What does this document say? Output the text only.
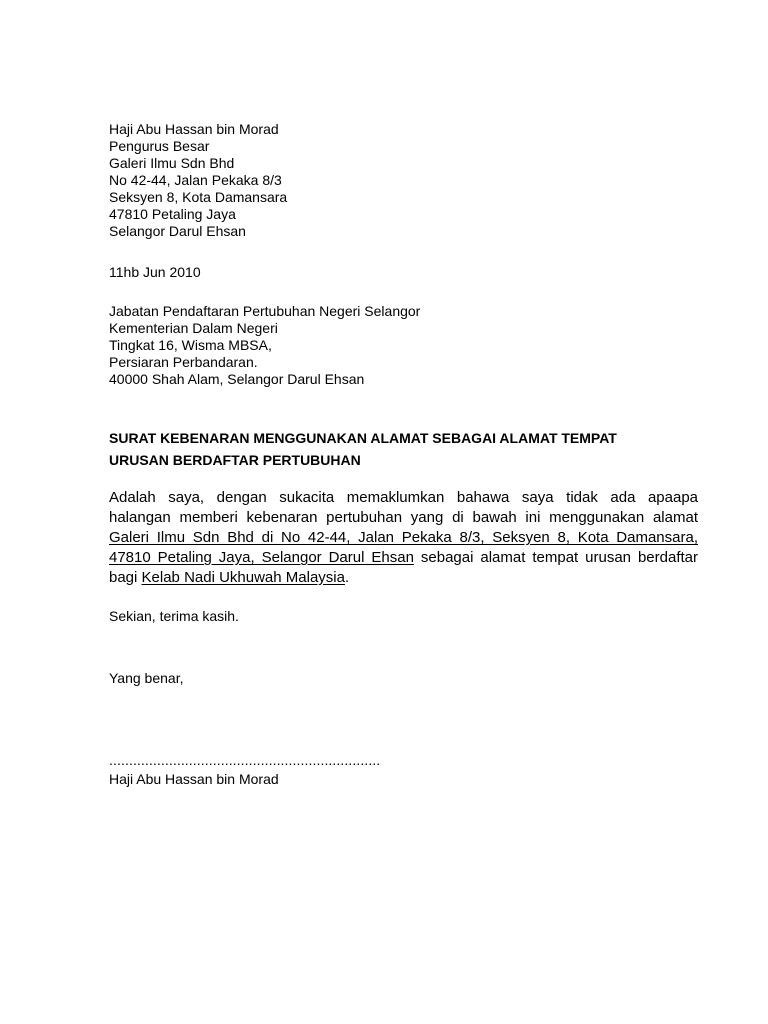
Haji Abu Hassan bin Morad
Pengurus Besar
Galeri Ilmu Sdn Bhd
No 42-44, Jalan Pekaka 8/3
Seksyen 8, Kota Damansara
47810 Petaling Jaya
Selangor Darul Ehsan
11hb Jun 2010
Jabatan Pendaftaran Pertubuhan Negeri Selangor
Kementerian Dalam Negeri
Tingkat 16, Wisma MBSA,
Persiaran Perbandaran.
40000 Shah Alam, Selangor Darul Ehsan
SURAT KEBENARAN MENGGUNAKAN ALAMAT SEBAGAI ALAMAT TEMPAT
URUSAN BERDAFTAR PERTUBUHAN
Adalah saya, dengan sukacita memaklumkan bahawa saya tidak ada apaapa
halangan memberi kebenaran pertubuhan yang di bawah ini menggunakan alamat
Galeri Ilmu Sdn Bhd di No 42-44, Jalan Pekaka 8/3, Seksyen 8, Kota Damansara,
47810 Petaling Jaya, Selangor Darul Ehsan sebagai alamat tempat urusan berdaftar
bagi Kelab Nadi Ukhuwah Malaysia.
Sekian, terima kasih.
Yang benar,
....................................................................
Haji Abu Hassan bin Morad
